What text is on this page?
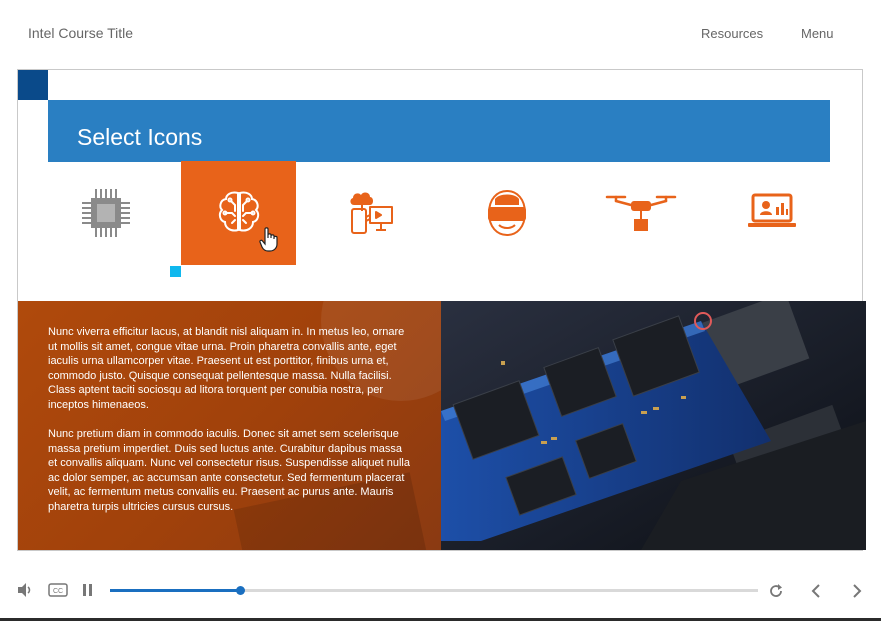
Intel Course Title	Resources	Menu
Select Icons

Nunc viverra efficitur lacus, at blandit nisl aliquam in. In metus leo, ornare ut mollis sit amet, congue vitae urna. Proin pharetra convallis ante, eget iaculis urna ullamcorper vitae. Praesent ut est porttitor, finibus urna et, commodo justo. Quisque consequat pellentesque massa. Nulla facilisi. Class aptent taciti sociosqu ad litora torquent per conubia nostra, per inceptos himenaeos.

Nunc pretium diam in commodo iaculis. Donec sit amet sem scelerisque massa pretium imperdiet. Duis sed luctus ante. Curabitur dapibus massa et convallis aliquam. Nunc vel consectetur risus. Suspendisse aliquet nulla ac dolor semper, ac accumsan ante consectetur. Sed fermentum placerat velit, ac fermentum metus convallis eu. Praesent ac purus ante. Mauris pharetra turpis ultricies cursus cursus.

CC
